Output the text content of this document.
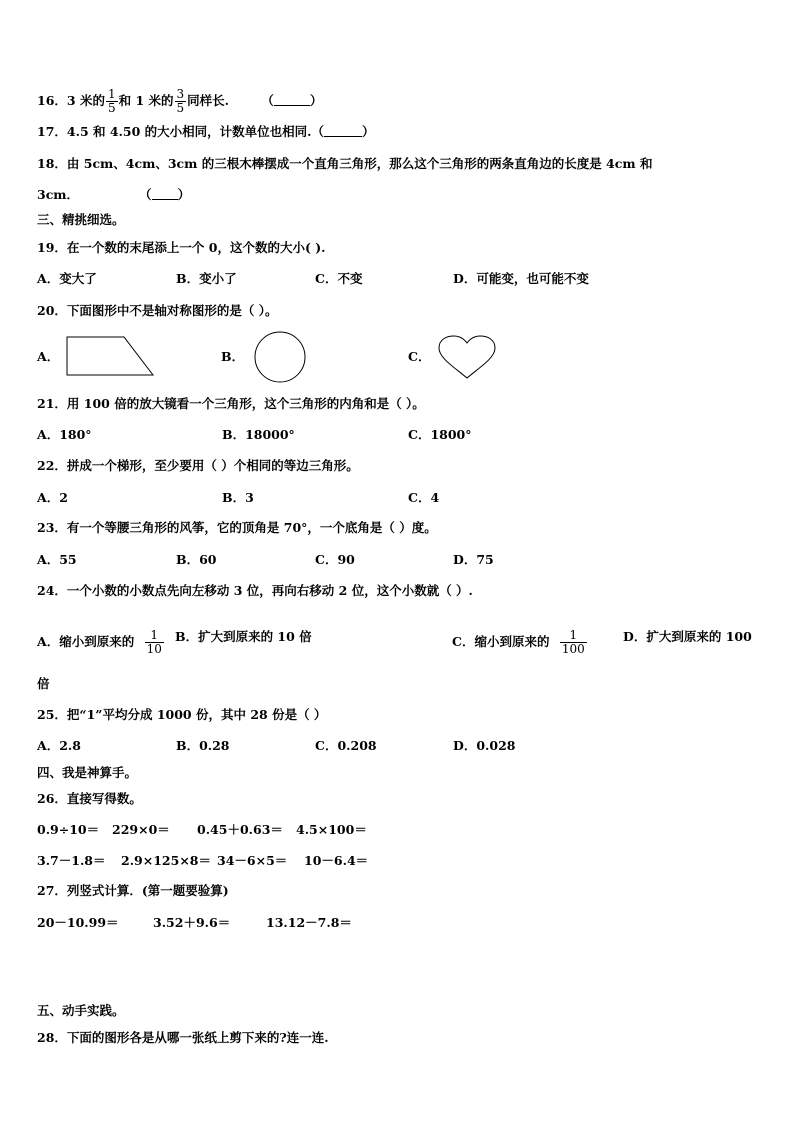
16．3 米的 $\frac{1}{5}$ 和 1 米的 $\frac{3}{5}$ 同样长.	（	）
17．4.5 和 4.50 的大小相同，计数单位也相同.（	）
18．由 5cm、4cm、3cm 的三根木棒摆成一个直角三角形，那么这个三角形的两条直角边的长度是 4cm 和
3cm．	（ ）
三、精挑细选。
19．在一个数的末尾添上一个 0，这个数的大小( ).
A．变大了	B．变小了	C．不变	D．可能变，也可能不变
20．下面图形中不是轴对称图形的是（ ）。
A．	B．	C．
21．用 100 倍的放大镜看一个三角形，这个三角形的内角和是（ ）。
A．180°	B．18000°	C．1800°
22．拼成一个梯形，至少要用（ ）个相同的等边三角形。
A．2	B．3	C．4
23．有一个等腰三角形的风筝，它的顶角是 70°，一个底角是（ ）度。
A．55	B．60	C．90	D．75
24．一个小数的小数点先向左移动 3 位，再向右移动 2 位，这个小数就（ ）.
A．缩小到原来的 $\frac{1}{10}$ B．扩大到原来的 10 倍	C．缩小到原来的 $\frac{1}{100}$	D．扩大到原来的 100
倍
25．把“1”平均分成 1000 份，其中 28 份是（ ）
A．2.8	B．0.28	C．0.208	D．0.028
四、我是神算手。
26．直接写得数。
0.9÷10＝ 229×0＝ 0.45＋0.63＝ 4.5×100＝
3.7－1.8＝ 2.9×125×8＝ 34－6×5＝ 10－6.4＝
27．列竖式计算．(第一题要验算)
20－10.99＝	3.52＋9.6＝	13.12－7.8＝
五、动手实践。
28．下面的图形各是从哪一张纸上剪下来的?连一连.
